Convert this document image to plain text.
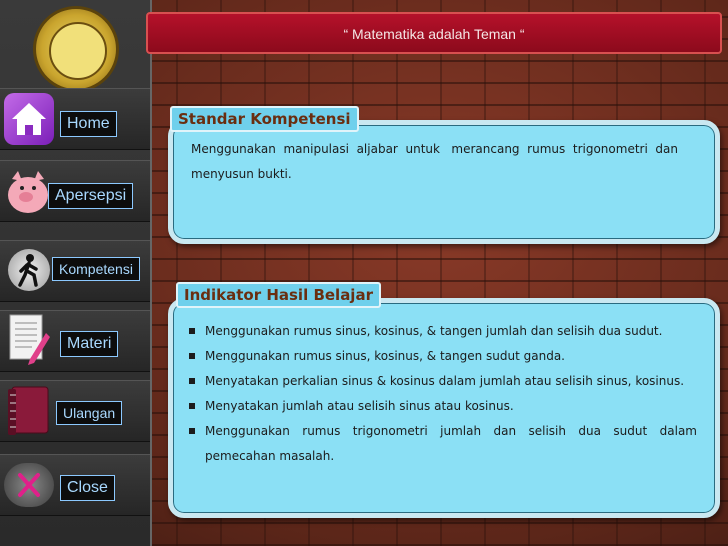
Home
Apersepsi
Kompetensi
Materi
Ulangan
Close
“ Matematika adalah Teman “

Menggunakan  manipulasi  aljabar  untuk   merancang  rumus  trigonometri  dan

menyusun bukti.

Standar Kompetensi
Menggunakan rumus sinus, kosinus, & tangen jumlah dan selisih dua sudut.
Menggunakan rumus sinus, kosinus, & tangen sudut ganda.
Menyatakan perkalian sinus & kosinus dalam jumlah atau selisih sinus, kosinus.
Menyatakan jumlah atau selisih sinus atau kosinus.
Menggunakan rumus trigonometri jumlah dan selisih dua sudut dalam pemecahan masalah.
Indikator Hasil Belajar
